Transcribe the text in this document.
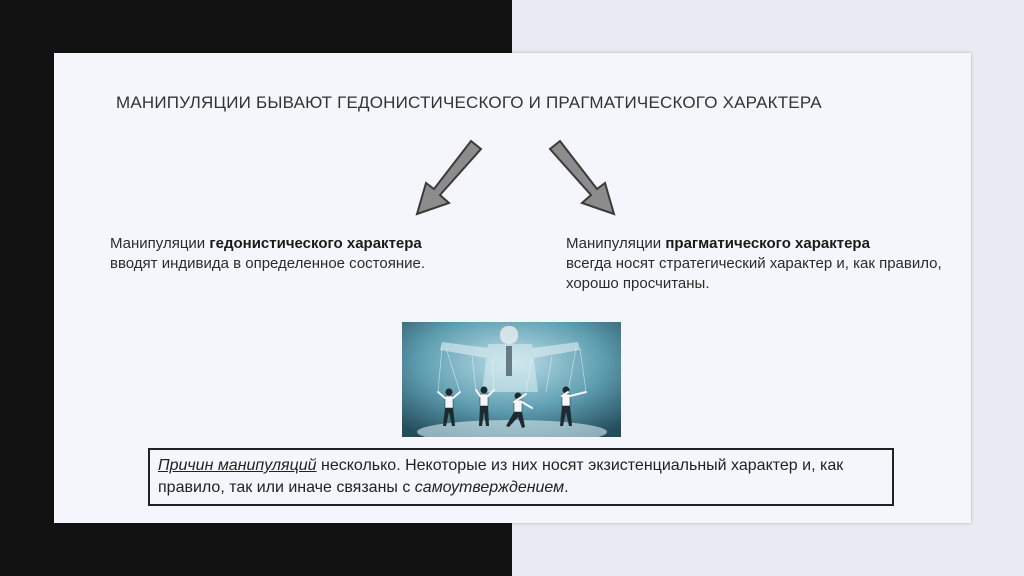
МАНИПУЛЯЦИИ БЫВАЮТ ГЕДОНИСТИЧЕСКОГО И ПРАГМАТИЧЕСКОГО ХАРАКТЕРА
Манипуляции гедонистического характера
вводят индивида в определенное состояние.
Манипуляции прагматического характера
всегда носят стратегический характер и, как правило, хорошо просчитаны.
Причин манипуляций несколько. Некоторые из них носят экзистенциальный характер и, как правило, так или иначе связаны с самоутверждением.
